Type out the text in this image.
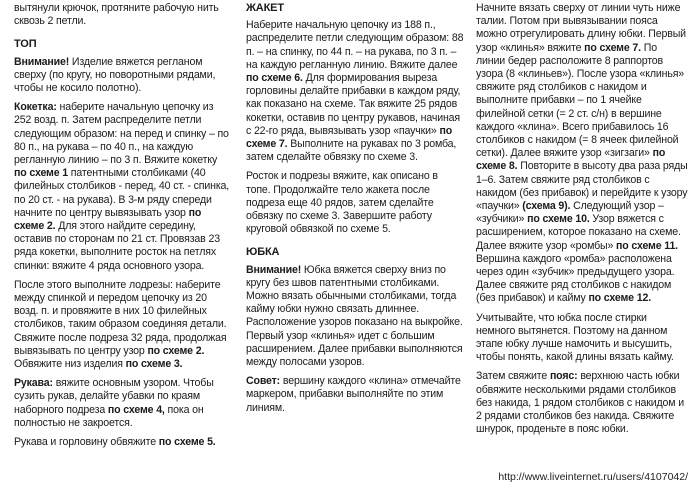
вытянули крючок, протяните рабочую нить сквозь 2 петли.

ТОП

Внимание! Изделие вяжется регланом сверху (по кругу, но поворотными рядами, чтобы не косило полотно).

Кокетка: наберите начальную цепочку из 252 возд. п. Затем распределите петли следующим образом: на перед и спинку – по 80 п., на рукава – по 40 п., на каждую регланную линию – по 3 п. Вяжите кокетку по схеме 1 патентными столбиками (40 филейных столбиков - перед, 40 ст. - спинка, по 20 ст. - на рукава). В 3-м ряду спереди начните по центру вывязывать узор по схеме 2. Для этого найдите середину, оставив по сторонам по 21 ст. Провязав 23 ряда кокетки, выполните росток на петлях спинки: вяжите 4 ряда основного узора.

После этого выполните лодрезы: наберите между спинкой и передом цепочку из 20 возд. п. и провяжите в них 10 филейных столбиков, таким образом соединяя детали. Свяжите после подреза 32 ряда, продолжая вывязывать по центру узор по схеме 2. Обвяжите низ изделия по схеме 3.

Рукава: вяжите основным узором. Чтобы сузить рукав, делайте убавки по краям наборного подреза по схеме 4, пока он полностью не закроется.

Рукава и горловину обвяжите по схеме 5.

ЖАКЕТ

Наберите начальную цепочку из 188 п., распределите петли следующим образом: 88 п. – на спинку, по 44 п. – на рукава, по 3 п. – на каждую регланную линию. Вяжите далее по схеме 6. Для формирования выреза горловины делайте прибавки в каждом ряду, как показано на схеме. Так вяжите 25 рядов кокетки, оставив по центру рукавов, начиная с 22-го ряда, вывязывать узор «паучки» по схеме 7. Выполните на рукавах по 3 ромба, затем сделайте обвязку по схеме 3.

Росток и подрезы вяжите, как описано в топе. Продолжайте тело жакета после подреза еще 40 рядов, затем сделайте обвязку по схеме 3. Завершите работу круговой обвязкой по схеме 5.

ЮБКА

Внимание! Юбка вяжется сверху вниз по кругу без швов патентными столбиками. Можно вязать обычными столбиками, тогда кайму юбки нужно связать длиннее. Расположение узоров показано на выкройке. Первый узор «клинья» идет с большим расширением. Далее прибавки выполняются между полосами узоров.

Совет: вершину каждого «клина» отмечайте маркером, прибавки выполняйте по этим линиям.

Начните вязать сверху от линии чуть ниже талии. Потом при вывязывании пояса можно отрегулировать длину юбки. Первый узор «клинья» вяжите по схеме 7. По линии бедер расположите 8 раппортов узора (8 «клиньев»). После узора «клинья» свяжите ряд столбиков с накидом и выполните прибавки – по 1 ячейке филейной сетки (= 2 ст. с/н) в вершине каждого «клина». Всего прибавилось 16 столбиков с накидом (= 8 ячеек филейной сетки). Далее вяжите узор «зигзаги» по схеме 8. Повторите в высоту два раза ряды 1–6. Затем свяжите ряд столбиков с накидом (без прибавок) и перейдите к узору «паучки» (схема 9). Следующий узор – «зубчики» по схеме 10. Узор вяжется с расширением, которое показано на схеме. Далее вяжите узор «ромбы» по схеме 11. Вершина каждого «ромба» расположена через один «зубчик» предыдущего узора. Далее свяжите ряд столбиков с накидом (без прибавок) и кайму по схеме 12.

Учитывайте, что юбка после стирки немного вытянется. Поэтому на данном этапе юбку лучше намочить и высушить, чтобы понять, какой длины вязать кайму.

Затем свяжите пояс: верхнюю часть юбки обвяжите несколькими рядами столбиков без накида, 1 рядом столбиков с накидом и 2 рядами столбиков без накида. Свяжите шнурок, проденьте в пояс юбки.

http://www.liveinternet.ru/users/4107042/
